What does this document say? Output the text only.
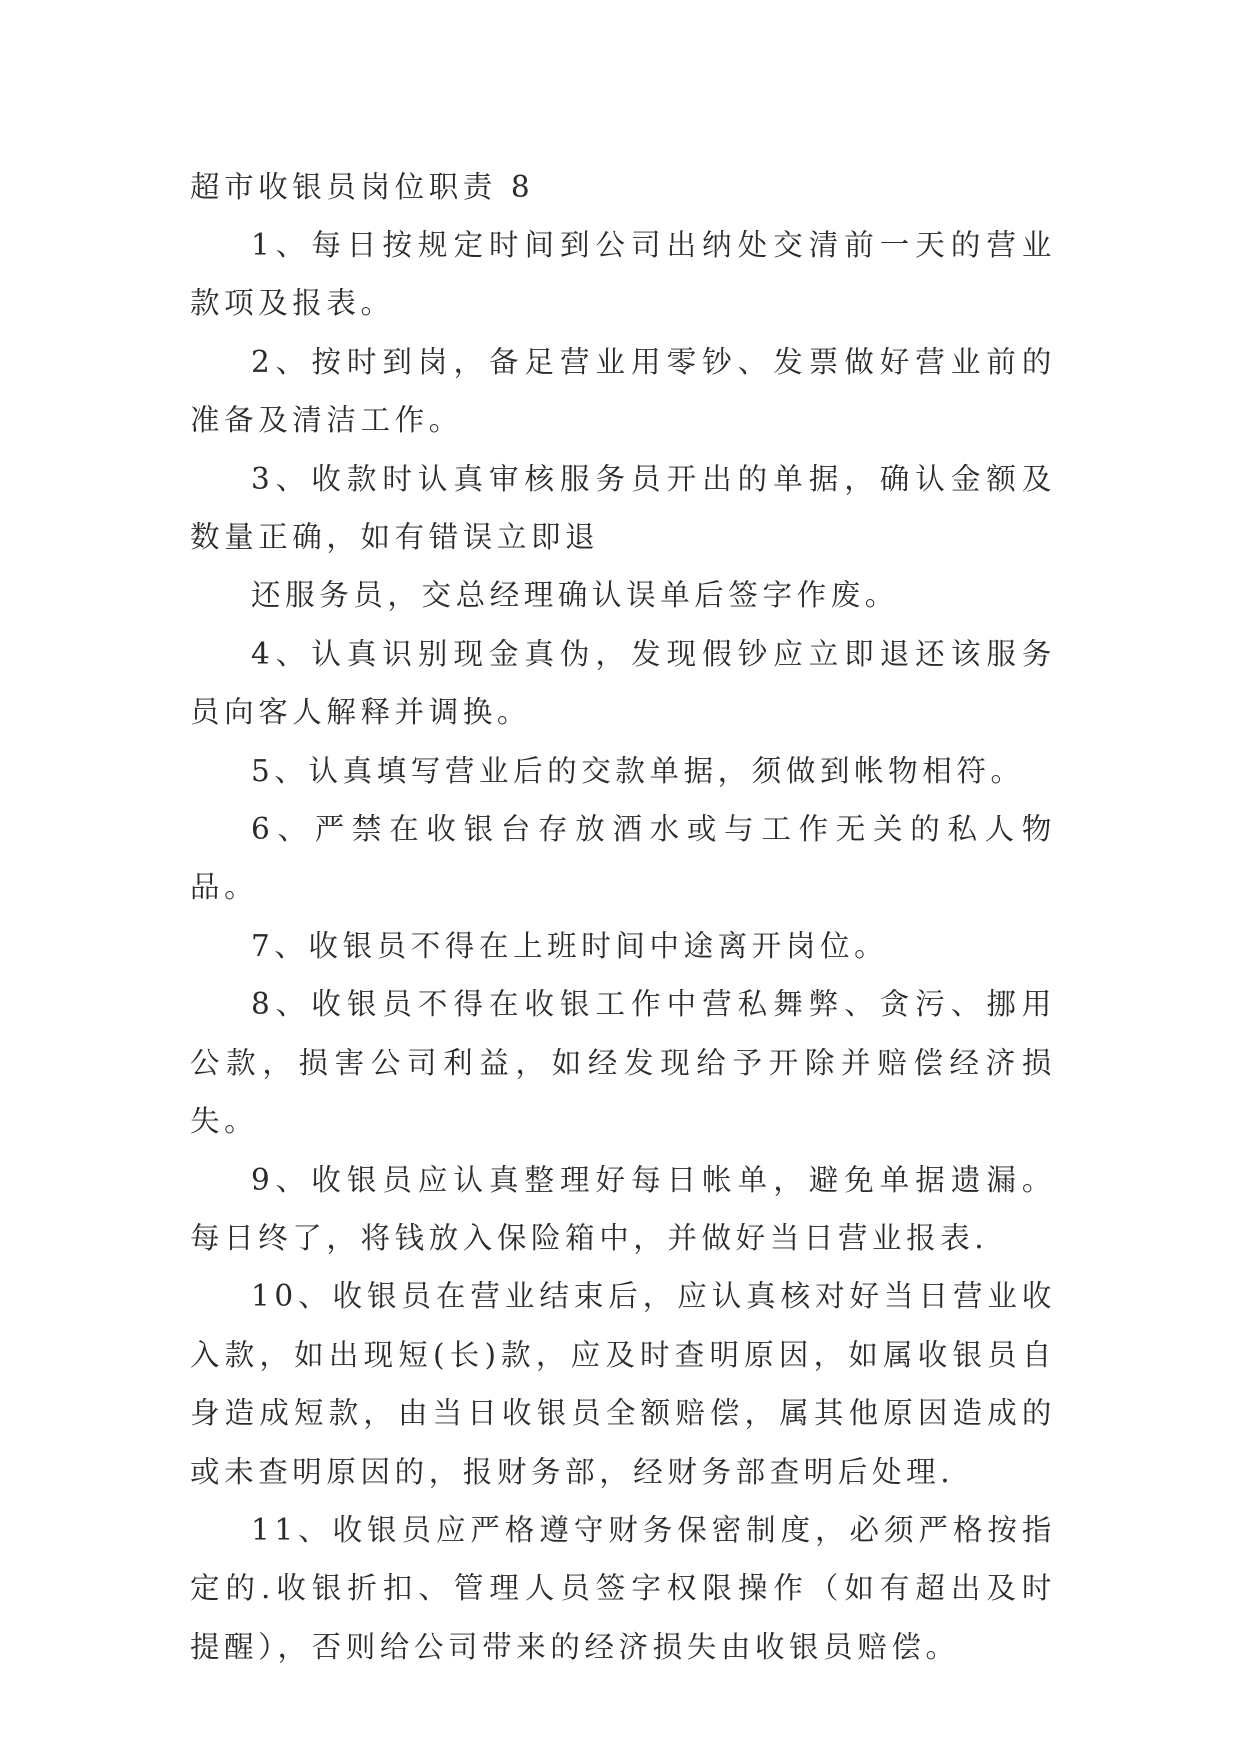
超市收银员岗位职责 8

1、每日按规定时间到公司出纳处交清前一天的营业款项及报表。

2、按时到岗，备足营业用零钞、发票做好营业前的准备及清洁工作。

3、收款时认真审核服务员开出的单据，确认金额及数量正确，如有错误立即退

还服务员，交总经理确认误单后签字作废。

4、认真识别现金真伪，发现假钞应立即退还该服务员向客人解释并调换。

5、认真填写营业后的交款单据，须做到帐物相符。

6、严禁在收银台存放酒水或与工作无关的私人物品。

7、收银员不得在上班时间中途离开岗位。

8、收银员不得在收银工作中营私舞弊、贪污、挪用公款，损害公司利益，如经发现给予开除并赔偿经济损失。

9、收银员应认真整理好每日帐单，避免单据遗漏。每日终了，将钱放入保险箱中，并做好当日营业报表.

10、收银员在营业结束后，应认真核对好当日营业收入款，如出现短(长)款，应及时查明原因，如属收银员自身造成短款，由当日收银员全额赔偿，属其他原因造成的或未查明原因的，报财务部，经财务部查明后处理.

11、收银员应严格遵守财务保密制度，必须严格按指定的.收银折扣、管理人员签字权限操作（如有超出及时提醒），否则给公司带来的经济损失由收银员赔偿。
